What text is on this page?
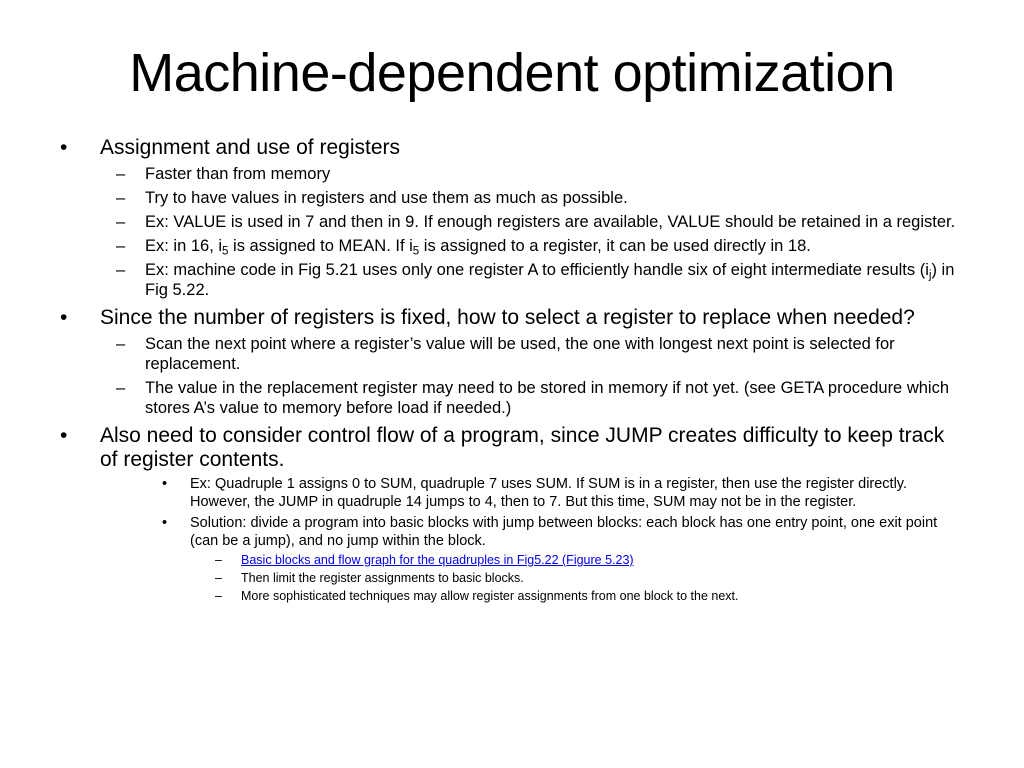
Machine-dependent optimization
• Assignment and use of registers
– Faster than from memory
– Try to have values in registers and use them as much as possible.
– Ex: VALUE is used in 7 and then in 9. If enough registers are available, VALUE should be retained in a register.
– Ex: in 16, $i_5$ is assigned to MEAN. If $i_5$ is assigned to a register, it can be used directly in 18.
– Ex: machine code in Fig 5.21 uses only one register A to efficiently handle six of eight intermediate results $(i_j)$ in Fig 5.22.
• Since the number of registers is fixed, how to select a register to replace when needed?
– Scan the next point where a register’s value will be used, the one with longest next point is selected for replacement.
– The value in the replacement register may need to be stored in memory if not yet. (see GETA procedure which stores A’s value to memory before load if needed.)
• Also need to consider control flow of a program, since JUMP creates difficulty to keep track of register contents.
• Ex: Quadruple 1 assigns 0 to SUM, quadruple 7 uses SUM. If SUM is in a register, then use the register directly. However, the JUMP in quadruple 14 jumps to 4, then to 7. But this time, SUM may not be in the register.
• Solution: divide a program into basic blocks with jump between blocks: each block has one entry point, one exit point (can be a jump), and no jump within the block.
– Basic blocks and flow graph for the quadruples in Fig5.22 (Figure 5.23)
– Then limit the register assignments to basic blocks.
– More sophisticated techniques may allow register assignments from one block to the next.
